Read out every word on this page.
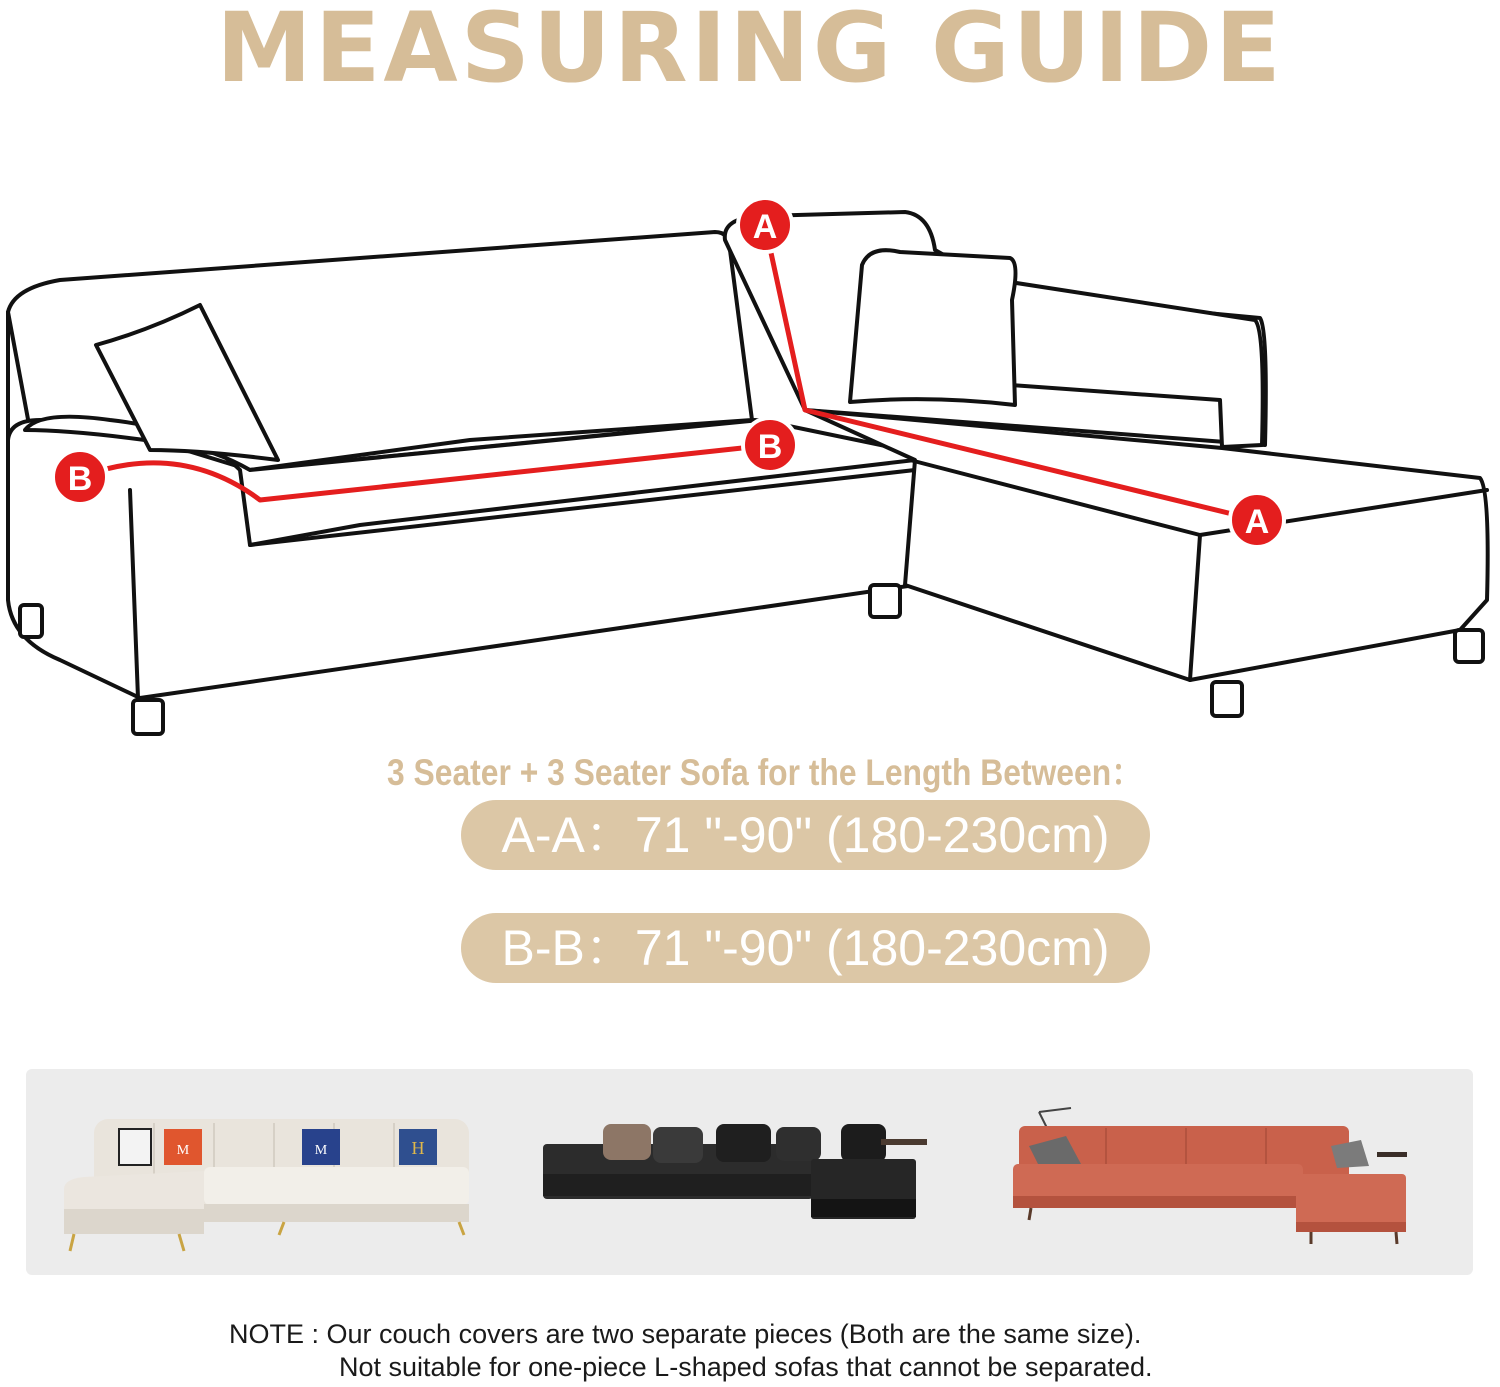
MEASURING GUIDE
A
A
B
B
3 Seater + 3 Seater Sofa for the Length Between：
A-A：71 "-90" (180-230cm)
B-B：71 "-90" (180-230cm)
M	M	H
NOTE : Our couch covers are two separate pieces (Both are the same size).
Not suitable for one-piece L-shaped sofas that cannot be separated.
